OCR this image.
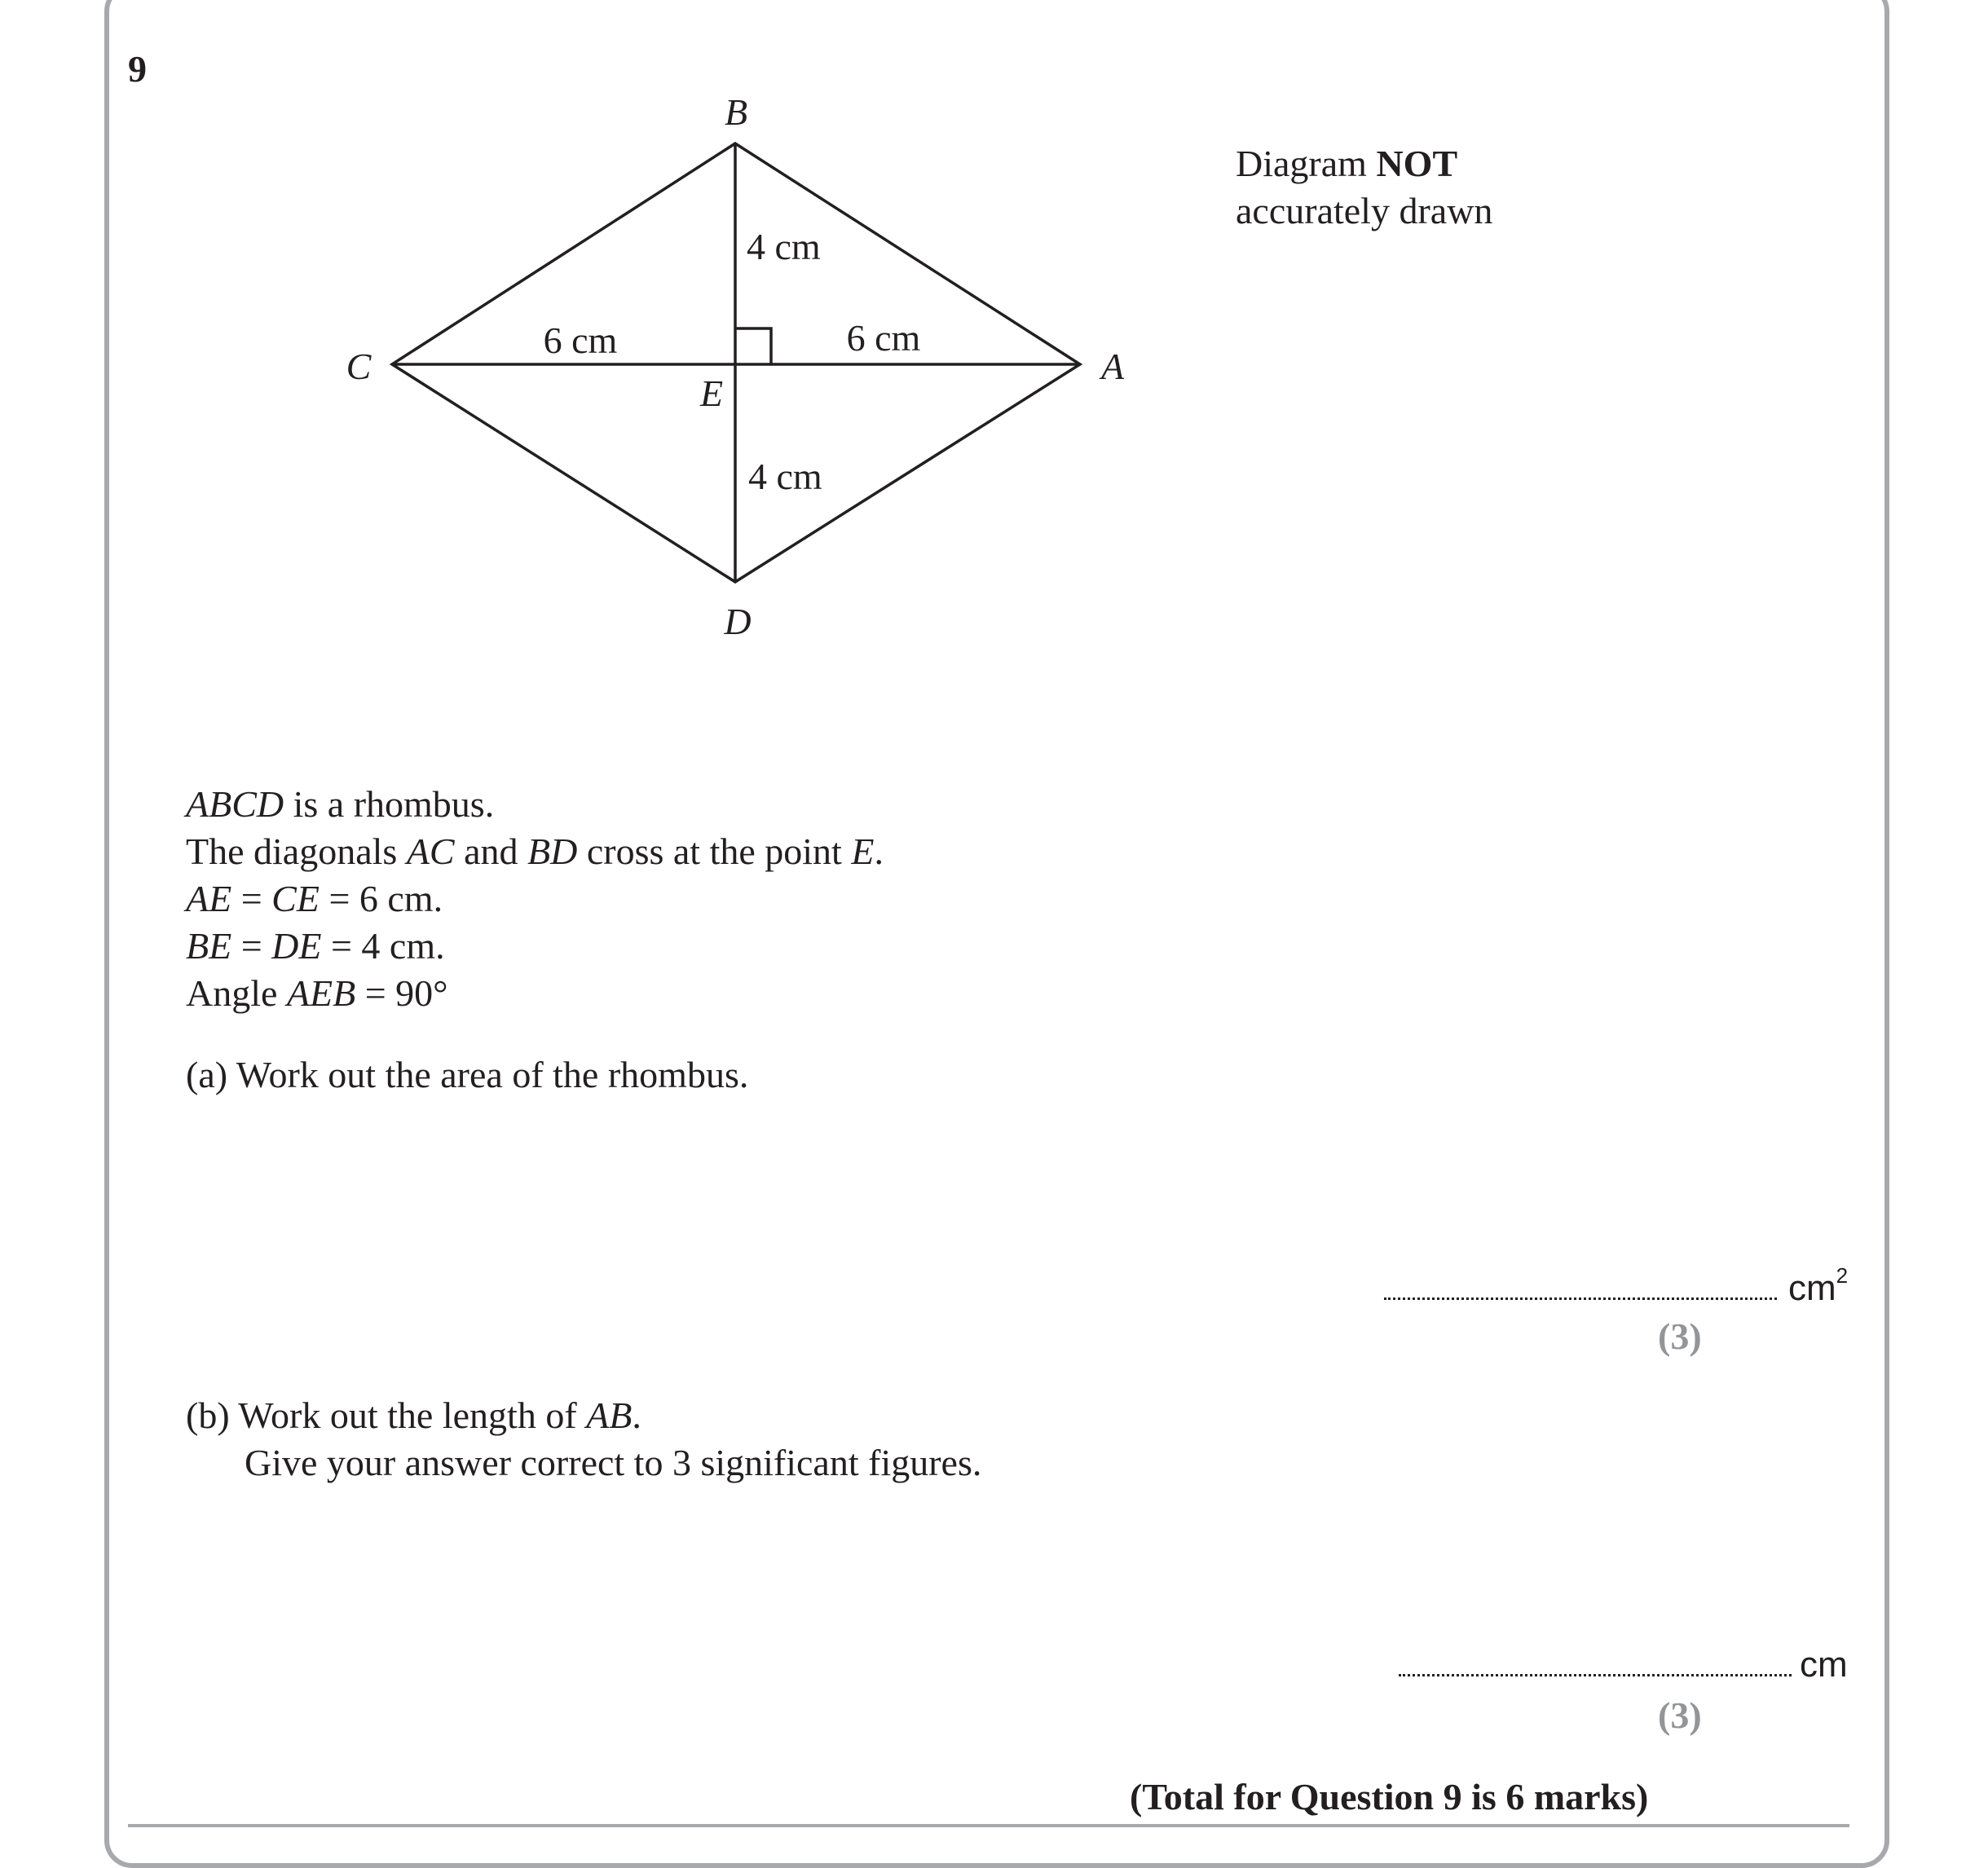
9
B
C	A
E
D
4 cm
6 cm	6 cm
4 cm
Diagram NOT
accurately drawn
ABCD is a rhombus.
The diagonals AC and BD cross at the point E.
AE = CE = 6 cm.
BE = DE = 4 cm.
Angle AEB = 90°
(a) Work out the area of the rhombus.
$cm^2$
(3)
(b) Work out the length of AB.
Give your answer correct to 3 significant figures.
cm
(3)
(Total for Question 9 is 6 marks)
